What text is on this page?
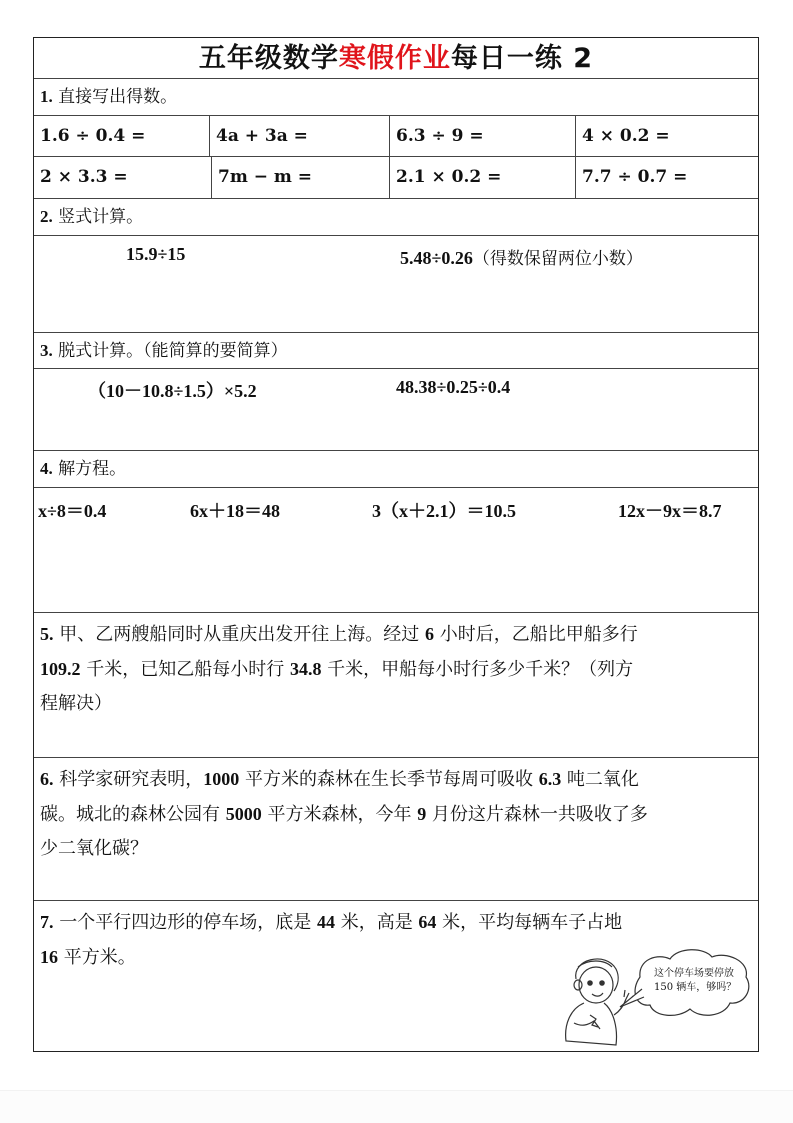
五年级数学寒假作业每日一练 2
1. 直接写出得数。
1.6 ÷ 0.4 =	4a + 3a =	6.3 ÷ 9 =	4 × 0.2 =
2 × 3.3 =	7m − m =	2.1 × 0.2 =	7.7 ÷ 0.7 =
2. 竖式计算。
15.9÷15	5.48÷0.26（得数保留两位小数）
3. 脱式计算。（能简算的要简算）
（10－10.8÷1.5）×5.2	48.38÷0.25÷0.4
4. 解方程。
x÷8＝0.4	6x＋18＝48	3（x＋2.1）＝10.5	12x－9x＝8.7
5. 甲、乙两艘船同时从重庆出发开往上海。经过 6 小时后，乙船比甲船多行
109.2 千米，已知乙船每小时行 34.8 千米，甲船每小时行多少千米？（列方
程解决）
6. 科学家研究表明，1000 平方米的森林在生长季节每周可吸收 6.3 吨二氧化
碳。城北的森林公园有 5000 平方米森林，今年 9 月份这片森林一共吸收了多
少二氧化碳？
7. 一个平行四边形的停车场，底是 44 米，高是 64 米，平均每辆车子占地
16 平方米。
这个停车场要停放
150 辆车，够吗？
